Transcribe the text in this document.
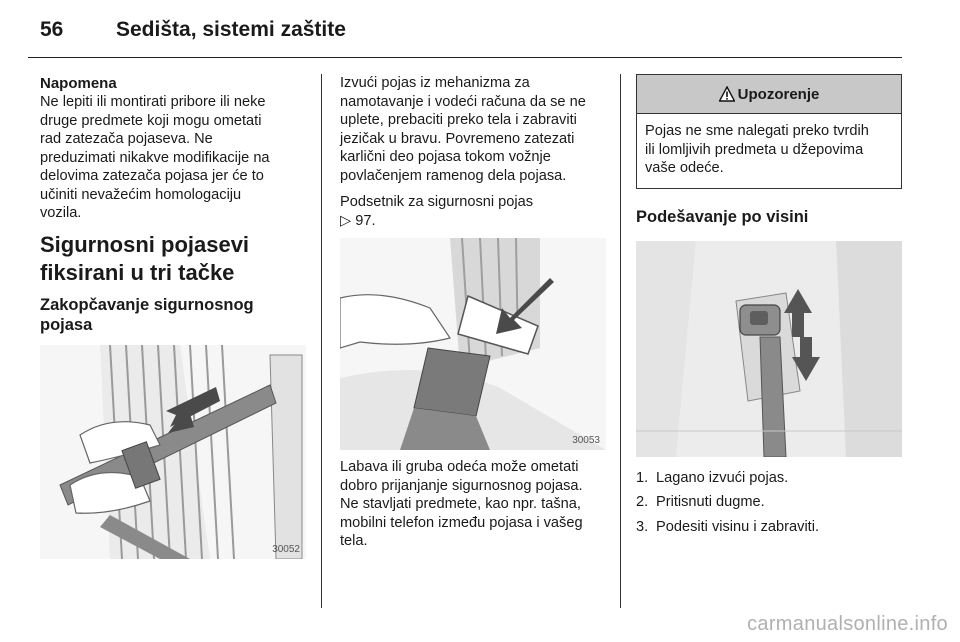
56	Sedišta, sistemi zaštite
Napomena
Ne lepiti ili montirati pribore ili neke
druge predmete koji mogu ometati
rad zatezača pojaseva. Ne
preduzimati nikakve modifikacije na
delovima zatezača pojasa jer će to
učiniti nevažećim homologaciju
vozila.
Sigurnosni pojasevi
fiksirani u tri tačke
Zakopčavanje sigurnosnog
pojasa
30052
Izvući pojas iz mehanizma za
namotavanje i vodeći računa da se ne
uplete, prebaciti preko tela i zabraviti
jezičak u bravu. Povremeno zatezati
karlični deo pojasa tokom vožnje
povlačenjem ramenog dela pojasa.
Podsetnik za sigurnosni pojas
▷ 97.
30053
Labava ili gruba odeća može ometati
dobro prijanjanje sigurnosnog pojasa.
Ne stavljati predmete, kao npr. tašna,
mobilni telefon između pojasa i vašeg
tela.
Upozorenje
Pojas ne sme nalegati preko tvrdih
ili lomljivih predmeta u džepovima
vaše odeće.
Podešavanje po visini
1. Lagano izvući pojas.
2. Pritisnuti dugme.
3. Podesiti visinu i zabraviti.
carmanualsonline.info
